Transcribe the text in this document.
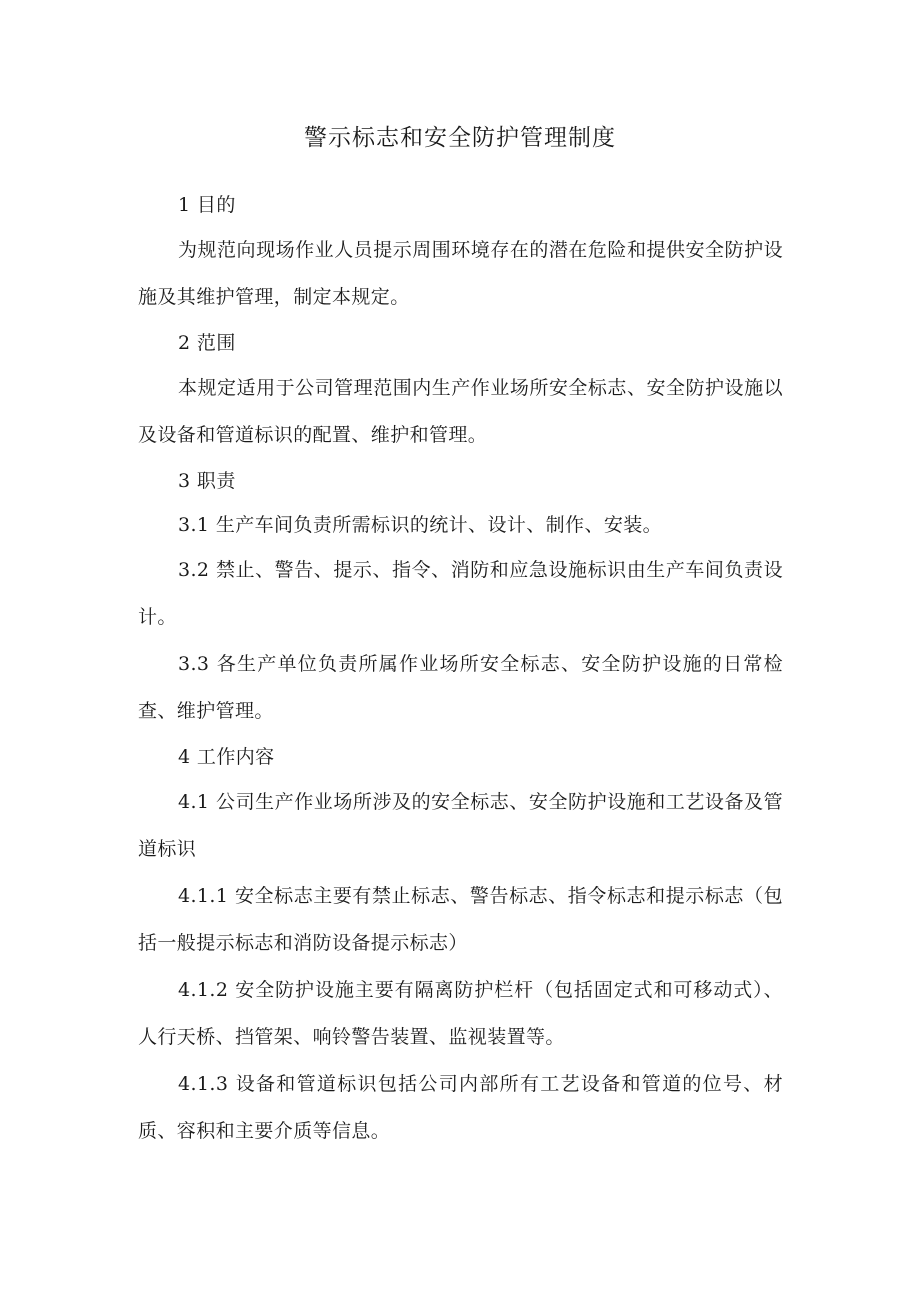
警示标志和安全防护管理制度

1 目的

为规范向现场作业人员提示周围环境存在的潜在危险和提供安全防护设施及其维护管理，制定本规定。

2 范围

本规定适用于公司管理范围内生产作业场所安全标志、安全防护设施以及设备和管道标识的配置、维护和管理。

3 职责

3.1 生产车间负责所需标识的统计、设计、制作、安装。

3.2 禁止、警告、提示、指令、消防和应急设施标识由生产车间负责设计。

3.3 各生产单位负责所属作业场所安全标志、安全防护设施的日常检查、维护管理。

4 工作内容

4.1 公司生产作业场所涉及的安全标志、安全防护设施和工艺设备及管道标识

4.1.1 安全标志主要有禁止标志、警告标志、指令标志和提示标志（包括一般提示标志和消防设备提示标志）

4.1.2 安全防护设施主要有隔离防护栏杆（包括固定式和可移动式）、人行天桥、挡管架、响铃警告装置、监视装置等。

4.1.3 设备和管道标识包括公司内部所有工艺设备和管道的位号、材质、容积和主要介质等信息。
